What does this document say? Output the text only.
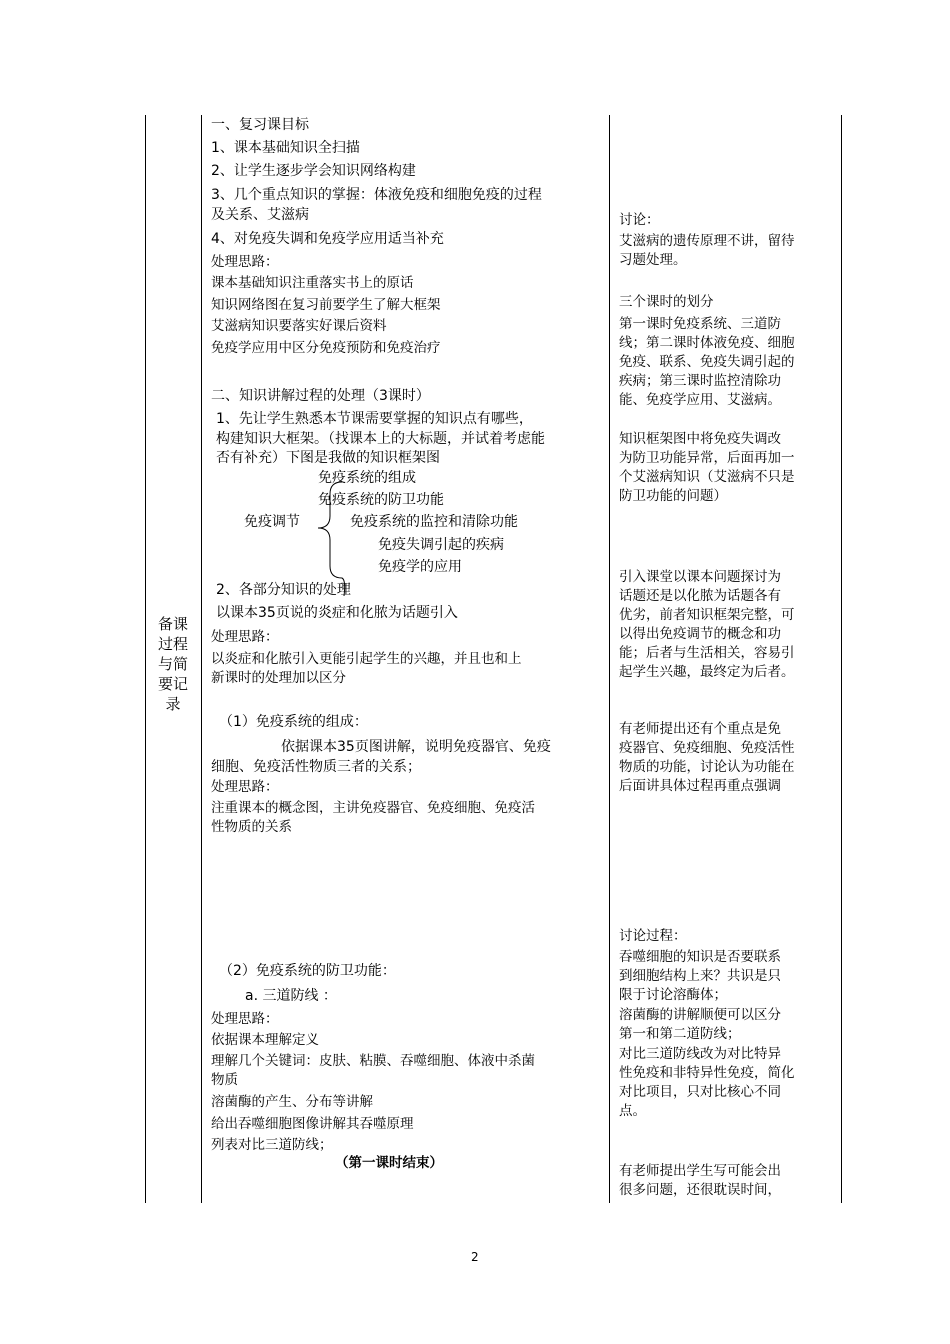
备课
过程
与简
要记
录
一、复习课目标
1、课本基础知识全扫描
2、让学生逐步学会知识网络构建
3、几个重点知识的掌握：体液免疫和细胞免疫的过程
及关系、艾滋病
4、对免疫失调和免疫学应用适当补充
处理思路：
课本基础知识注重落实书上的原话
知识网络图在复习前要学生了解大框架
艾滋病知识要落实好课后资料
免疫学应用中区分免疫预防和免疫治疗
二、知识讲解过程的处理（3课时）
1、先让学生熟悉本节课需要掌握的知识点有哪些，
构建知识大框架。（找课本上的大标题，并试着考虑能
否有补充）下图是我做的知识框架图
免疫调节
免疫系统的组成
免疫系统的防卫功能
免疫系统的监控和清除功能
免疫失调引起的疾病
免疫学的应用
2、各部分知识的处理
以课本35页说的炎症和化脓为话题引入
处理思路：
以炎症和化脓引入更能引起学生的兴趣，并且也和上
新课时的处理加以区分
（1）免疫系统的组成：
依据课本35页图讲解，说明免疫器官、免疫
细胞、免疫活性物质三者的关系；
处理思路：
注重课本的概念图，主讲免疫器官、免疫细胞、免疫活
性物质的关系
（2）免疫系统的防卫功能：
a. 三道防线 ：
处理思路：
依据课本理解定义
理解几个关键词：皮肤、粘膜、吞噬细胞、体液中杀菌
物质
溶菌酶的产生、分布等讲解
给出吞噬细胞图像讲解其吞噬原理
列表对比三道防线；
（第一课时结束）
讨论：
艾滋病的遗传原理不讲，留待
习题处理。
三个课时的划分
第一课时免疫系统、三道防
线；第二课时体液免疫、细胞
免疫、联系、免疫失调引起的
疾病；第三课时监控清除功
能、免疫学应用、艾滋病。
知识框架图中将免疫失调改
为防卫功能异常，后面再加一
个艾滋病知识（艾滋病不只是
防卫功能的问题）
引入课堂以课本问题探讨为
话题还是以化脓为话题各有
优劣，前者知识框架完整，可
以得出免疫调节的概念和功
能；后者与生活相关，容易引
起学生兴趣，最终定为后者。
有老师提出还有个重点是免
疫器官、免疫细胞、免疫活性
物质的功能，讨论认为功能在
后面讲具体过程再重点强调
讨论过程：
吞噬细胞的知识是否要联系
到细胞结构上来？共识是只
限于讨论溶酶体；
溶菌酶的讲解顺便可以区分
第一和第二道防线；
对比三道防线改为对比特异
性免疫和非特异性免疫，简化
对比项目，只对比核心不同
点。
有老师提出学生写可能会出
很多问题，还很耽误时间，
2
